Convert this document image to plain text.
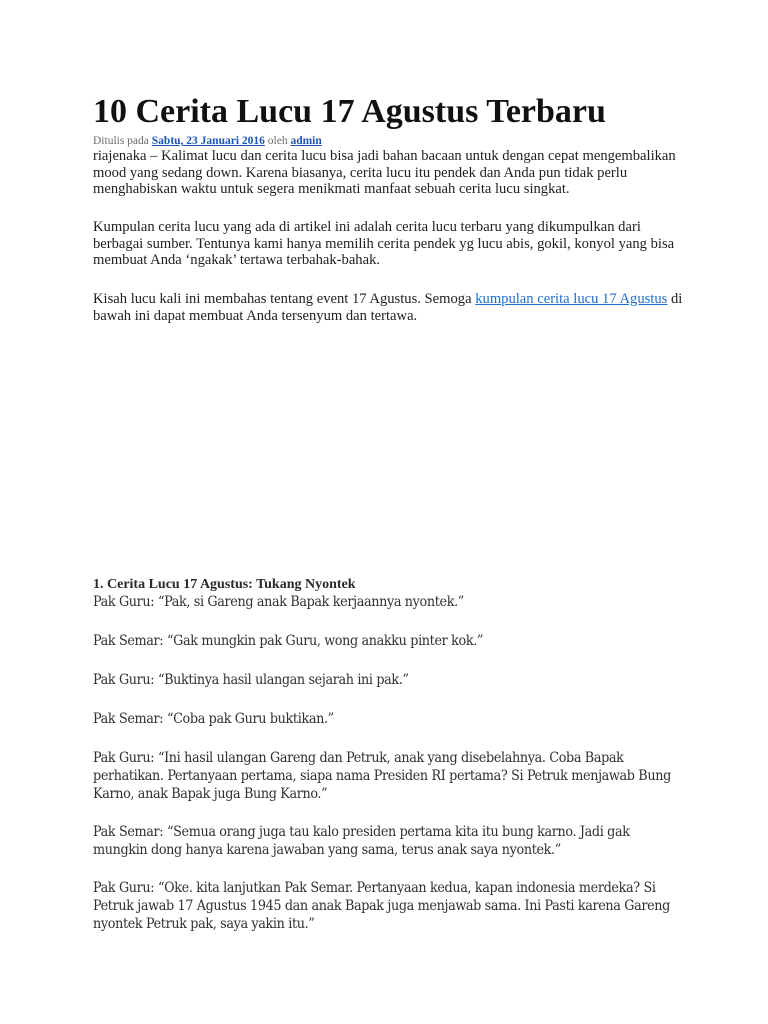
10 Cerita Lucu 17 Agustus Terbaru
Ditulis pada Sabtu, 23 Januari 2016 oleh admin

riajenaka – Kalimat lucu dan cerita lucu bisa jadi bahan bacaan untuk dengan cepat mengembalikan mood yang sedang down. Karena biasanya, cerita lucu itu pendek dan Anda pun tidak perlu menghabiskan waktu untuk segera menikmati manfaat sebuah cerita lucu singkat.

Kumpulan cerita lucu yang ada di artikel ini adalah cerita lucu terbaru yang dikumpulkan dari berbagai sumber. Tentunya kami hanya memilih cerita pendek yg lucu abis, gokil, konyol yang bisa membuat Anda ‘ngakak’ tertawa terbahak-bahak.

Kisah lucu kali ini membahas tentang event 17 Agustus. Semoga kumpulan cerita lucu 17 Agustus di bawah ini dapat membuat Anda tersenyum dan tertawa.

1. Cerita Lucu 17 Agustus: Tukang Nyontek

Pak Guru: “Pak, si Gareng anak Bapak kerjaannya nyontek.”

Pak Semar: “Gak mungkin pak Guru, wong anakku pinter kok.”

Pak Guru: “Buktinya hasil ulangan sejarah ini pak.”

Pak Semar: “Coba pak Guru buktikan.”

Pak Guru: “Ini hasil ulangan Gareng dan Petruk, anak yang disebelahnya. Coba Bapak perhatikan. Pertanyaan pertama, siapa nama Presiden RI pertama? Si Petruk menjawab Bung Karno, anak Bapak juga Bung Karno.”

Pak Semar: “Semua orang juga tau kalo presiden pertama kita itu bung karno. Jadi gak mungkin dong hanya karena jawaban yang sama, terus anak saya nyontek.”

Pak Guru: “Oke. kita lanjutkan Pak Semar. Pertanyaan kedua, kapan indonesia merdeka? Si Petruk jawab 17 Agustus 1945 dan anak Bapak juga menjawab sama. Ini Pasti karena Gareng nyontek Petruk pak, saya yakin itu.”
